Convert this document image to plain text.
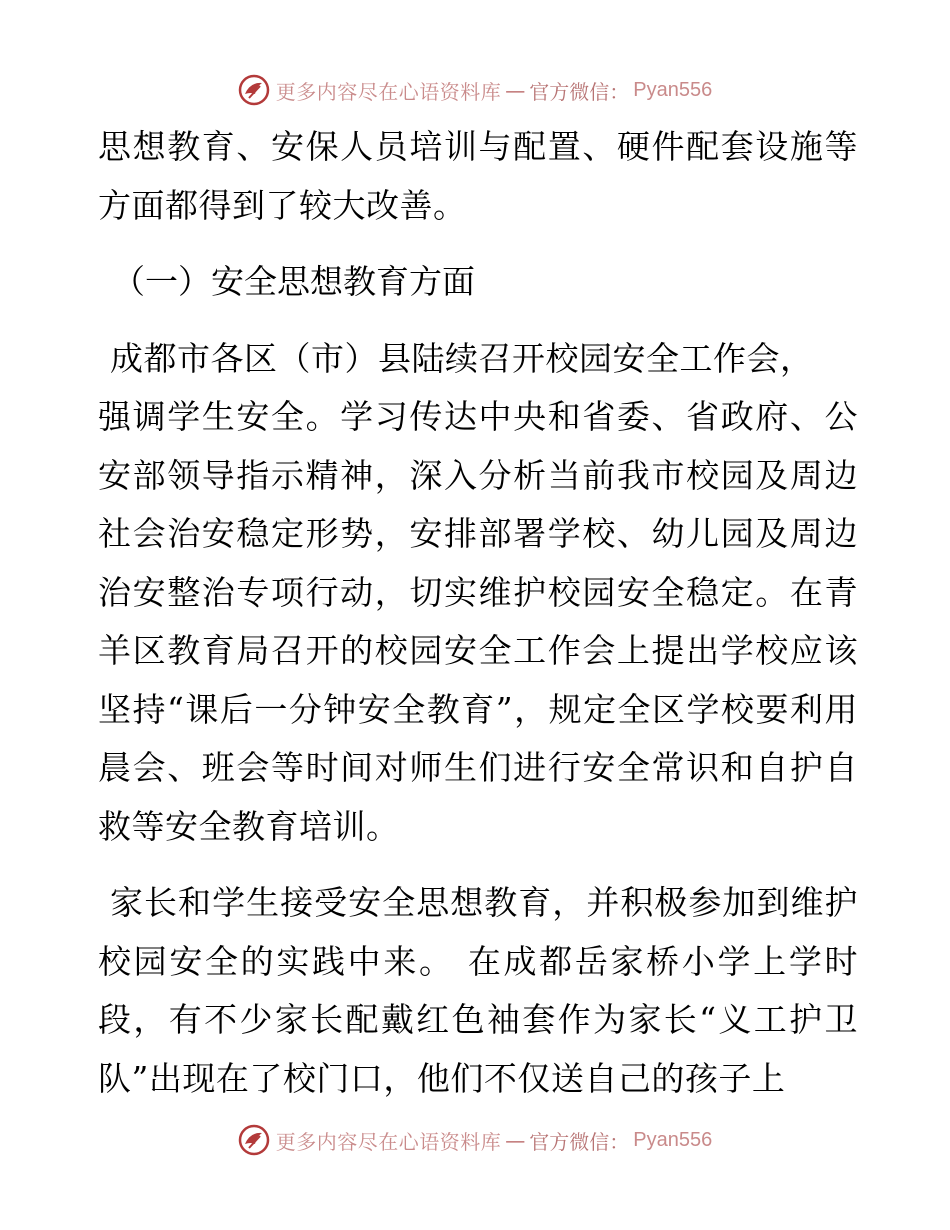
更多内容尽在心语资料库 — 官方微信： Pyan556

思想教育、安保人员培训与配置、硬件配套设施等方面都得到了较大改善。

（一）安全思想教育方面

成都市各区（市）县陆续召开校园安全工作会，

强调学生安全。学习传达中央和省委、省政府、公安部领导指示精神，深入分析当前我市校园及周边社会治安稳定形势，安排部署学校、幼儿园及周边治安整治专项行动，切实维护校园安全稳定。在青羊区教育局召开的校园安全工作会上提出学校应该坚持“课后一分钟安全教育”，规定全区学校要利用晨会、班会等时间对师生们进行安全常识和自护自救等安全教育培训。

家长和学生接受安全思想教育，并积极参加到维护校园安全的实践中来。 在成都岳家桥小学上学时段，有不少家长配戴红色袖套作为家长“义工护卫队”出现在了校门口，他们不仅送自己的孩子上

更多内容尽在心语资料库 — 官方微信： Pyan556
